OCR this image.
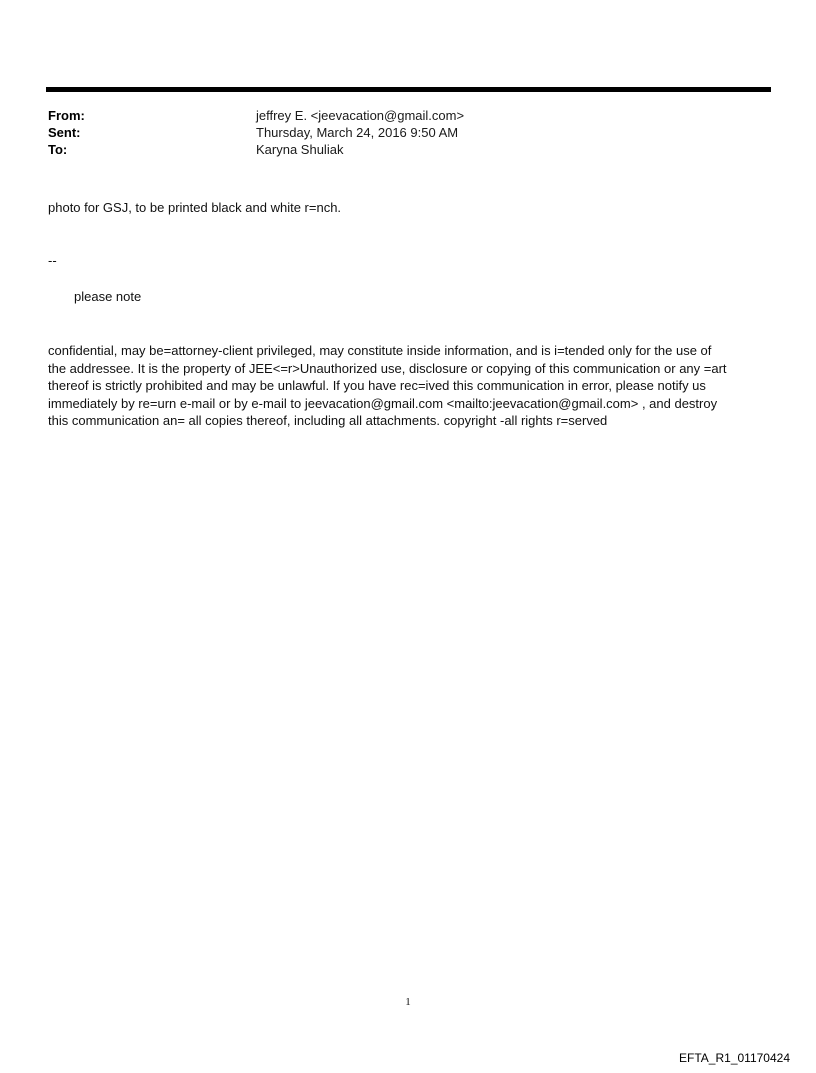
From:	jeffrey E. <jeevacation@gmail.com>
Sent:	Thursday, March 24, 2016 9:50 AM
To:	Karyna Shuliak
photo for GSJ, to be printed black and white r=nch.
--
please note
confidential, may be=attorney-client privileged, may constitute inside information, and is i=tended only for the use of
the addressee. It is the property of JEE<=r>Unauthorized use, disclosure or copying of this communication or any =art
thereof is strictly prohibited and may be unlawful. If you have rec=ived this communication in error, please notify us
immediately by re=urn e-mail or by e-mail to jeevacation@gmail.com <mailto:jeevacation@gmail.com> , and destroy
this communication an= all copies thereof, including all attachments. copyright -all rights r=served
1
EFTA_R1_01170424
